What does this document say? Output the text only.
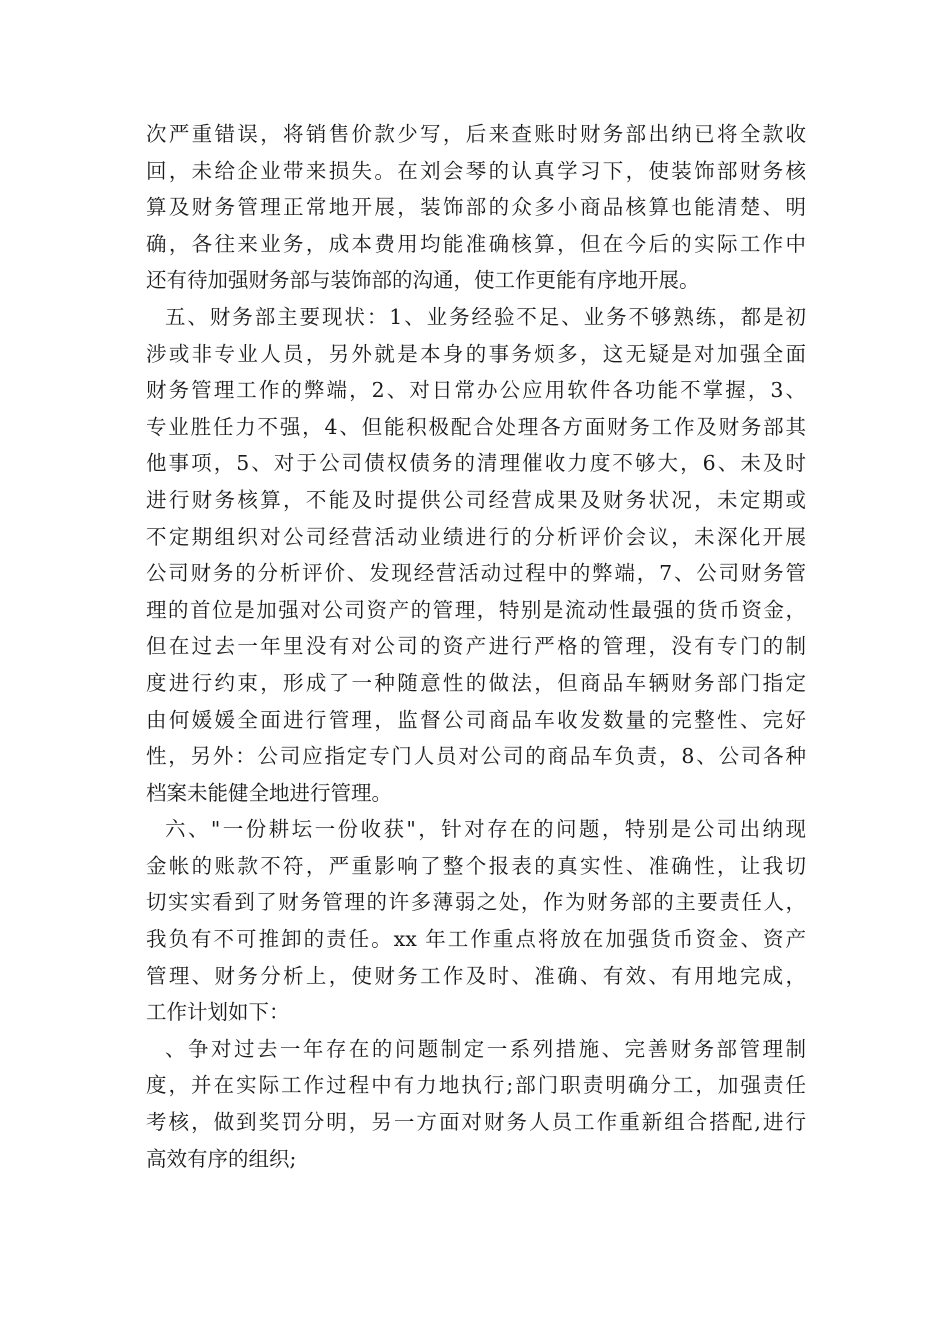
次严重错误，将销售价款少写，后来查账时财务部出纳已将全款收
回，未给企业带来损失。在刘会琴的认真学习下，使装饰部财务核
算及财务管理正常地开展，装饰部的众多小商品核算也能清楚、明
确，各往来业务，成本费用均能准确核算，但在今后的实际工作中
还有待加强财务部与装饰部的沟通，使工作更能有序地开展。
五、财务部主要现状：1、业务经验不足、业务不够熟练，都是初
涉或非专业人员，另外就是本身的事务烦多，这无疑是对加强全面
财务管理工作的弊端，2、对日常办公应用软件各功能不掌握，3、
专业胜任力不强，4、但能积极配合处理各方面财务工作及财务部其
他事项，5、对于公司债权债务的清理催收力度不够大，6、未及时
进行财务核算，不能及时提供公司经营成果及财务状况，未定期或
不定期组织对公司经营活动业绩进行的分析评价会议，未深化开展
公司财务的分析评价、发现经营活动过程中的弊端，7、公司财务管
理的首位是加强对公司资产的管理，特别是流动性最强的货币资金，
但在过去一年里没有对公司的资产进行严格的管理，没有专门的制
度进行约束，形成了一种随意性的做法，但商品车辆财务部门指定
由何媛媛全面进行管理，监督公司商品车收发数量的完整性、完好
性，另外：公司应指定专门人员对公司的商品车负责，8、公司各种
档案未能健全地进行管理。
六、"一份耕坛一份收获"，针对存在的问题，特别是公司出纳现
金帐的账款不符，严重影响了整个报表的真实性、准确性，让我切
切实实看到了财务管理的许多薄弱之处，作为财务部的主要责任人，
我负有不可推卸的责任。xx 年工作重点将放在加强货币资金、资产
管理、财务分析上，使财务工作及时、准确、有效、有用地完成，
工作计划如下：
、争对过去一年存在的问题制定一系列措施、完善财务部管理制
度，并在实际工作过程中有力地执行;部门职责明确分工，加强责任
考核，做到奖罚分明，另一方面对财务人员工作重新组合搭配,进行
高效有序的组织;
